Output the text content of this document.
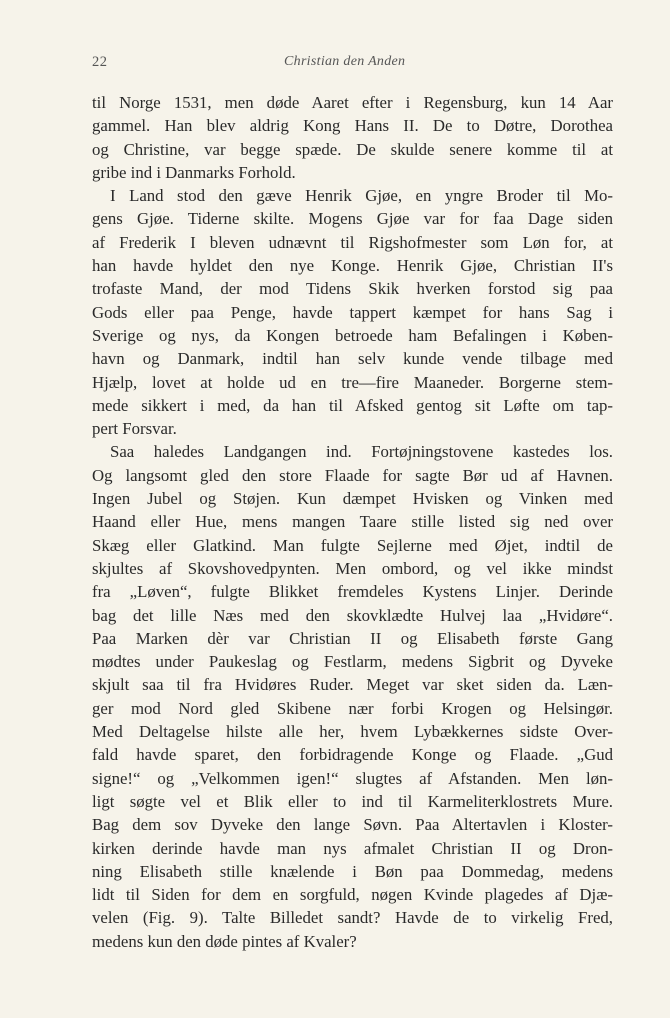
22	Christian den Anden
til Norge 1531, men døde Aaret efter i Regensburg, kun 14 Aar
gammel. Han blev aldrig Kong Hans II. De to Døtre, Dorothea
og Christine, var begge spæde. De skulde senere komme til at
gribe ind i Danmarks Forhold.
I Land stod den gæve Henrik Gjøe, en yngre Broder til Mo-
gens Gjøe. Tiderne skilte. Mogens Gjøe var for faa Dage siden
af Frederik I bleven udnævnt til Rigshofmester som Løn for, at
han havde hyldet den nye Konge. Henrik Gjøe, Christian II's
trofaste Mand, der mod Tidens Skik hverken forstod sig paa
Gods eller paa Penge, havde tappert kæmpet for hans Sag i
Sverige og nys, da Kongen betroede ham Befalingen i Køben-
havn og Danmark, indtil han selv kunde vende tilbage med
Hjælp, lovet at holde ud en tre—fire Maaneder. Borgerne stem-
mede sikkert i med, da han til Afsked gentog sit Løfte om tap-
pert Forsvar.
Saa haledes Landgangen ind. Fortøjningstovene kastedes los.
Og langsomt gled den store Flaade for sagte Bør ud af Havnen.
Ingen Jubel og Støjen. Kun dæmpet Hvisken og Vinken med
Haand eller Hue, mens mangen Taare stille listed sig ned over
Skæg eller Glatkind. Man fulgte Sejlerne med Øjet, indtil de
skjultes af Skovshovedpynten. Men ombord, og vel ikke mindst
fra „Løven“, fulgte Blikket fremdeles Kystens Linjer. Derinde
bag det lille Næs med den skovklædte Hulvej laa „Hvidøre“.
Paa Marken dèr var Christian II og Elisabeth første Gang
mødtes under Paukeslag og Festlarm, medens Sigbrit og Dyveke
skjult saa til fra Hvidøres Ruder. Meget var sket siden da. Læn-
ger mod Nord gled Skibene nær forbi Krogen og Helsingør.
Med Deltagelse hilste alle her, hvem Lybækkernes sidste Over-
fald havde sparet, den forbidragende Konge og Flaade. „Gud
signe!“ og „Velkommen igen!“ slugtes af Afstanden. Men løn-
ligt søgte vel et Blik eller to ind til Karmeliterklostrets Mure.
Bag dem sov Dyveke den lange Søvn. Paa Altertavlen i Kloster-
kirken derinde havde man nys afmalet Christian II og Dron-
ning Elisabeth stille knælende i Bøn paa Dommedag, medens
lidt til Siden for dem en sorgfuld, nøgen Kvinde plagedes af Djæ-
velen (Fig. 9). Talte Billedet sandt? Havde de to virkelig Fred,
medens kun den døde pintes af Kvaler?
